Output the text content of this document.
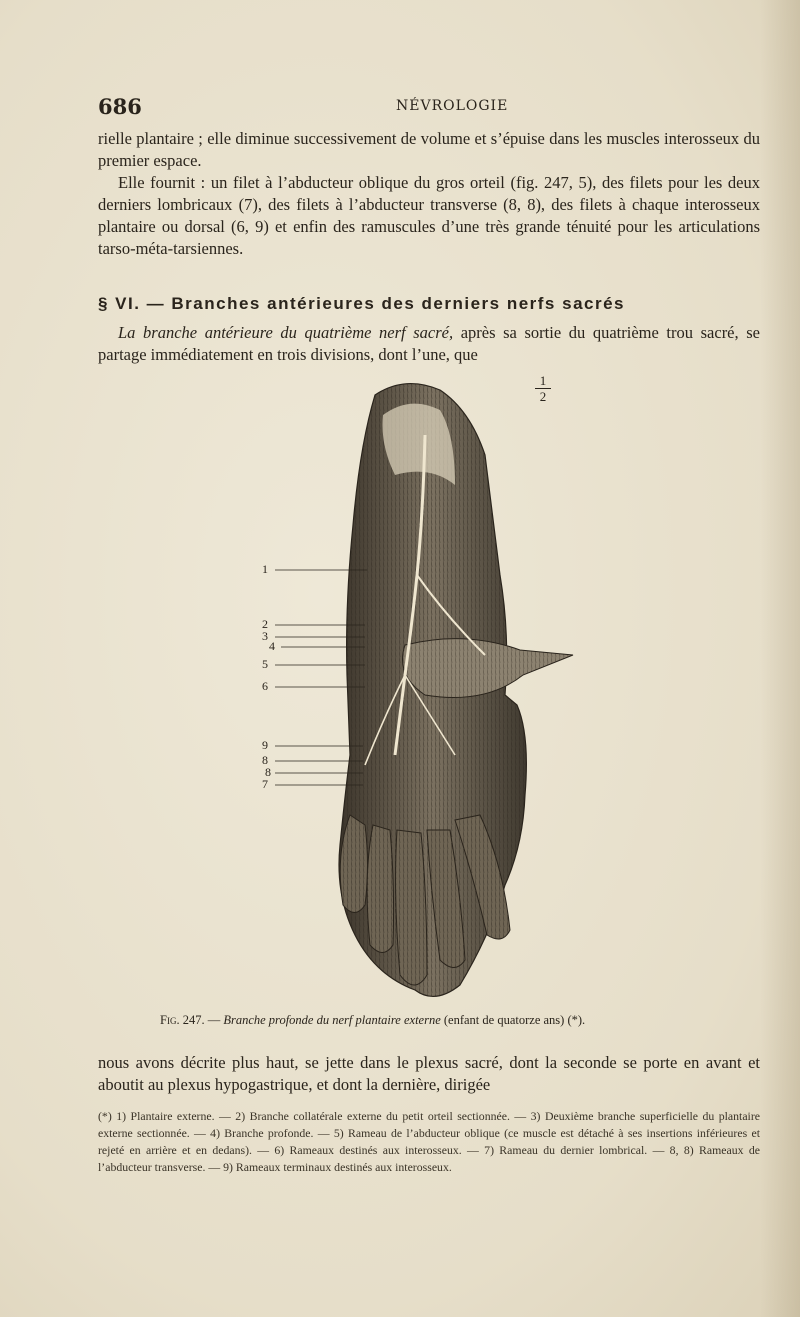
686	NÉVROLOGIE

rielle plantaire ; elle diminue successivement de volume et s’épuise dans les muscles interosseux du premier espace.

Elle fournit : un filet à l’abducteur oblique du gros orteil (fig. 247, 5), des filets pour les deux derniers lombricaux (7), des filets à l’abducteur transverse (8, 8), des filets à chaque interosseux plantaire ou dorsal (6, 9) et enfin des ramuscules d’une très grande ténuité pour les articulations tarso-méta-tarsiennes.

§ VI. — Branches antérieures des derniers nerfs sacrés

La branche antérieure du quatrième nerf sacré, après sa sortie du quatrième trou sacré, se partage immédiatement en trois divisions, dont l’une, que

1
2
3
4
5
6
9
8
8
7
$\frac{1}{2}$
Fig. 247. — Branche profonde du nerf plantaire externe (enfant de quatorze ans) (*).

nous avons décrite plus haut, se jette dans le plexus sacré, dont la seconde se porte en avant et aboutit au plexus hypogastrique, et dont la dernière, dirigée

(*) 1) Plantaire externe. — 2) Branche collatérale externe du petit orteil sectionnée. — 3) Deuxième branche superficielle du plantaire externe sectionnée. — 4) Branche profonde. — 5) Rameau de l’abducteur oblique (ce muscle est détaché à ses insertions inférieures et rejeté en arrière et en dedans). — 6) Rameaux destinés aux interosseux. — 7) Rameau du dernier lombrical. — 8, 8) Rameaux de l’abducteur transverse. — 9) Rameaux terminaux destinés aux interosseux.
